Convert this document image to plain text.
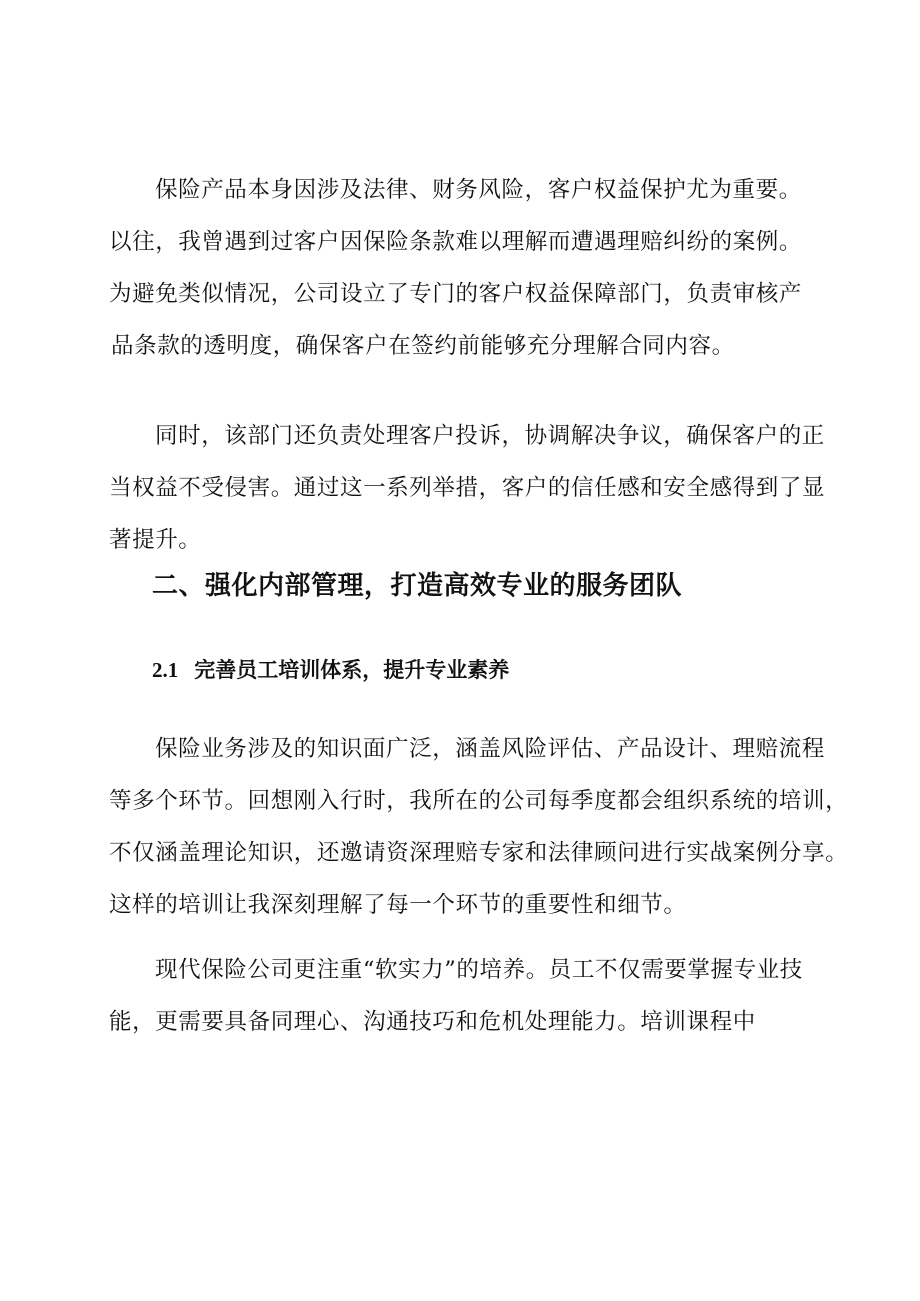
保险产品本身因涉及法律、财务风险，客户权益保护尤为重要。
以往，我曾遇到过客户因保险条款难以理解而遭遇理赔纠纷的案例。
为避免类似情况，公司设立了专门的客户权益保障部门，负责审核产
品条款的透明度，确保客户在签约前能够充分理解合同内容。

同时，该部门还负责处理客户投诉，协调解决争议，确保客户的正
当权益不受侵害。通过这一系列举措，客户的信任感和安全感得到了显
著提升。

二、强化内部管理，打造高效专业的服务团队
2.1 完善员工培训体系，提升专业素养

保险业务涉及的知识面广泛，涵盖风险评估、产品设计、理赔流程
等多个环节。回想刚入行时，我所在的公司每季度都会组织系统的培训，
不仅涵盖理论知识，还邀请资深理赔专家和法律顾问进行实战案例分享。
这样的培训让我深刻理解了每一个环节的重要性和细节。

现代保险公司更注重“软实力”的培养。员工不仅需要掌握专业技
能，更需要具备同理心、沟通技巧和危机处理能力。培训课程中
